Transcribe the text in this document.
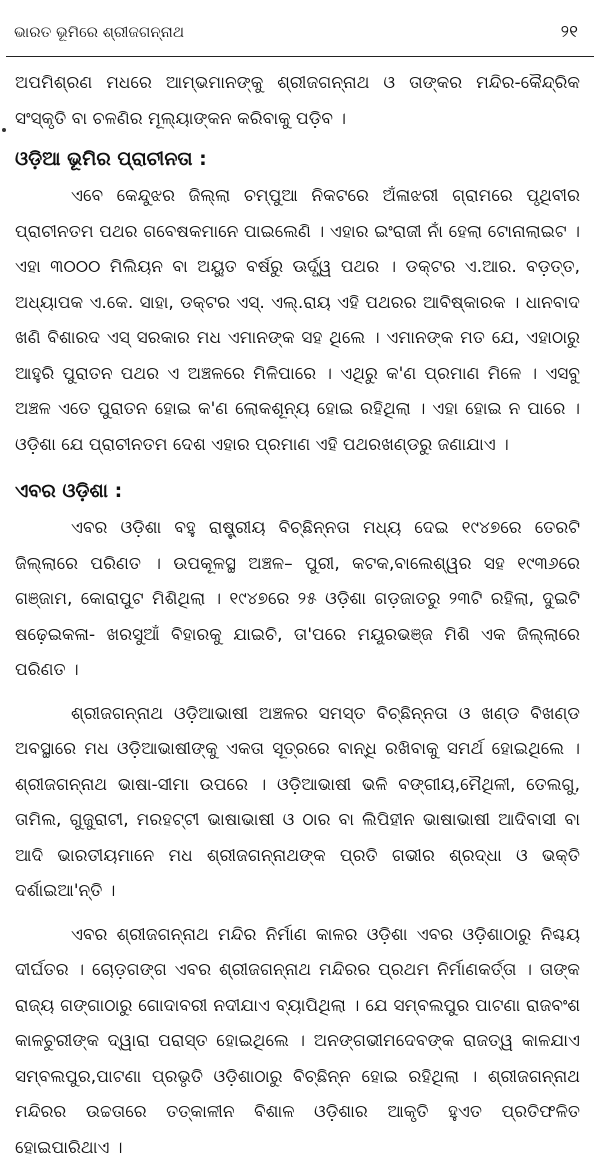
ଭାରତ ଭୂମିରେ ଶ୍ରୀଜଗନ୍ନାଥ	୨୧

ଅପମିଶ୍ରଣ ମଧରେ ଆମ୍ଭମାନଙ୍କୁ ଶ୍ରୀଜଗନ୍ନାଥ ଓ ତାଙ୍କର ମନ୍ଦିର-କୈନ୍ଦ୍ରିକ ସଂସ୍କୃତି ବା ଚଳଣିର ମୂଲ୍ୟାଙ୍କନ କରିବାକୁ ପଡ଼ିବ ।

ଓଡ଼ିଆ ଭୂମିର ପ୍ରାଚୀନତା :

ଏବେ କେନ୍ଦୁଝର ଜିଲ୍ଲା ଚମ୍ପୁଆ ନିକଟରେ ଅଁଳାଝରୀ ଗ୍ରାମରେ ପୃଥିବୀର ପ୍ରାଚୀନତମ ପଥର ଗବେଷକମାନେ ପାଇଲେଣି । ଏହାର ଇଂରାଜୀ ନାଁ ହେଲା ଟୋନାଲାଇଟ । ଏହା ୩୦୦୦ ମିଲିୟନ ବା ଅୟୁତ ବର୍ଷରୁ ଊର୍ଦ୍ଧ୍ୱ ପଥର । ଡକ୍ଟର ଏ.ଆର. ବଡ଼ତ୍ତ, ଅଧ୍ୟାପକ ଏ.କେ. ସାହା, ଡକ୍ଟର ଏସ୍. ଏଲ୍.ରାୟ ଏହି ପଥରର ଆବିଷ୍କାରକ । ଧାନବାଦ ଖଣି ବିଶାରଦ ଏସ୍ ସରକାର ମଧ ଏମାନଙ୍କ ସହ ଥିଲେ । ଏମାନଙ୍କ ମତ ଯେ, ଏହାଠାରୁ ଆହୁରି ପୁରାତନ ପଥର ଏ ଅଞ୍ଚଳରେ ମିଳିପାରେ । ଏଥିରୁ କ'ଣ ପ୍ରମାଣ ମିଳେ । ଏସବୁ ଅଞ୍ଚଳ ଏତେ ପୁରାତନ ହୋଇ କ'ଣ ଲୋକଶୂନ୍ୟ ହୋଇ ରହିଥିଲା । ଏହା ହୋଇ ନ ପାରେ । ଓଡ଼ିଶା ଯେ ପ୍ରାଚୀନତମ ଦେଶ ଏହାର ପ୍ରମାଣ ଏହି ପଥରଖଣ୍ଡରୁ ଜଣାଯାଏ ।

ଏବର ଓଡ଼ିଶା :

ଏବର ଓଡ଼ିଶା ବହୁ ରାଷ୍ଟ୍ରୀୟ ବିଚ୍ଛିନ୍ନତା ମଧ୍ୟ ଦେଇ ୧୯୪୭ରେ ତେରଟି ଜିଲ୍ଲାରେ ପରିଣତ । ଉପକୂଳସ୍ଥ ଅଞ୍ଚଳ– ପୁରୀ, କଟକ,ବାଲେଶ୍ୱର ସହ ୧୯୩୬ରେ ଗଞ୍ଜାମ, କୋରାପୁଟ ମିଶିଥିଲା । ୧୯୪୭ରେ ୨୫ ଓଡ଼ିଶା ଗଡ଼ଜାତରୁ ୨୩ଟି ରହିଲା, ଦୁଇଟି ଷଢ଼େଇକଳା- ଖରସୁଆଁ ବିହାରକୁ ଯାଇଚି, ତା'ପରେ ମୟୂରଭଞ୍ଜ ମିଶି ଏକ ଜିଲ୍ଲାରେ ପରିଣତ ।

ଶ୍ରୀଜଗନ୍ନାଥ ଓଡ଼ିଆଭାଷୀ ଅଞ୍ଚଳର ସମସ୍ତ ବିଚ୍ଛିନ୍ନତା ଓ ଖଣ୍ଡ ବିଖଣ୍ଡ ଅବସ୍ଥାରେ ମଧ ଓଡ଼ିଆଭାଷୀଙ୍କୁ ଏକତା ସୂତ୍ରରେ ବାନ୍ଧି ରଖିବାକୁ ସମର୍ଥ ହୋଇଥିଲେ । ଶ୍ରୀଜଗନ୍ନାଥ ଭାଷା-ସୀମା ଉପରେ । ଓଡ଼ିଆଭାଷୀ ଭଳି ବଙ୍ଗୀୟ,ମୈଥିଳୀ, ତେଲଗୁ, ତାମିଲ, ଗୁଜୁରାଟୀ, ମରହଟ୍ଟୀ ଭାଷାଭାଷୀ ଓ ଠାର ବା ଲିପିହୀନ ଭାଷାଭାଷୀ ଆଦିବାସୀ ବା ଆଦି ଭାରତୀୟମାନେ ମଧ ଶ୍ରୀଜଗନ୍ନାଥଙ୍କ ପ୍ରତି ଗଭୀର ଶ୍ରଦ୍ଧା ଓ ଭକ୍ତି ଦର୍ଶାଇଆ'ନ୍ତି ।

ଏବର ଶ୍ରୀଜଗନ୍ନାଥ ମନ୍ଦିର ନିର୍ମାଣ କାଳର ଓଡ଼ିଶା ଏବର ଓଡ଼ିଶାଠାରୁ ନିଶ୍ଚୟ ଦୀର୍ଘତର । ଚୋଡ଼ଗଙ୍ଗ ଏବର ଶ୍ରୀଜଗନ୍ନାଥ ମନ୍ଦିରର ପ୍ରଥମ ନିର୍ମାଣକର୍ତ୍ତା । ତାଙ୍କ ରାଜ୍ୟ ଗଙ୍ଗାଠାରୁ ଗୋଦାବରୀ ନଦୀଯାଏ ବ୍ୟାପିଥିଲା । ଯେ ସମ୍ବଲପୁର ପାଟଣା ରାଜବଂଶ କାଳଚୁରୀଙ୍କ ଦ୍ୱାରା ପରାସ୍ତ ହୋଇଥିଲେ । ଅନଙ୍ଗଭୀମଦେବଙ୍କ ରାଜତ୍ୱ କାଳଯାଏ ସମ୍ବଲପୁର,ପାଟଣା ପ୍ରଭୃତି ଓଡ଼ିଶାଠାରୁ ବିଚ୍ଛିନ୍ନ ହୋଇ ରହିଥିଲା । ଶ୍ରୀଜଗନ୍ନାଥ ମନ୍ଦିରର ଉଚ୍ଚତାରେ ତତ୍କାଳୀନ ବିଶାଳ ଓଡ଼ିଶାର ଆକୃତି ହୁଏତ ପ୍ରତିଫଳିତ ହୋଇପାରିଥାଏ ।
